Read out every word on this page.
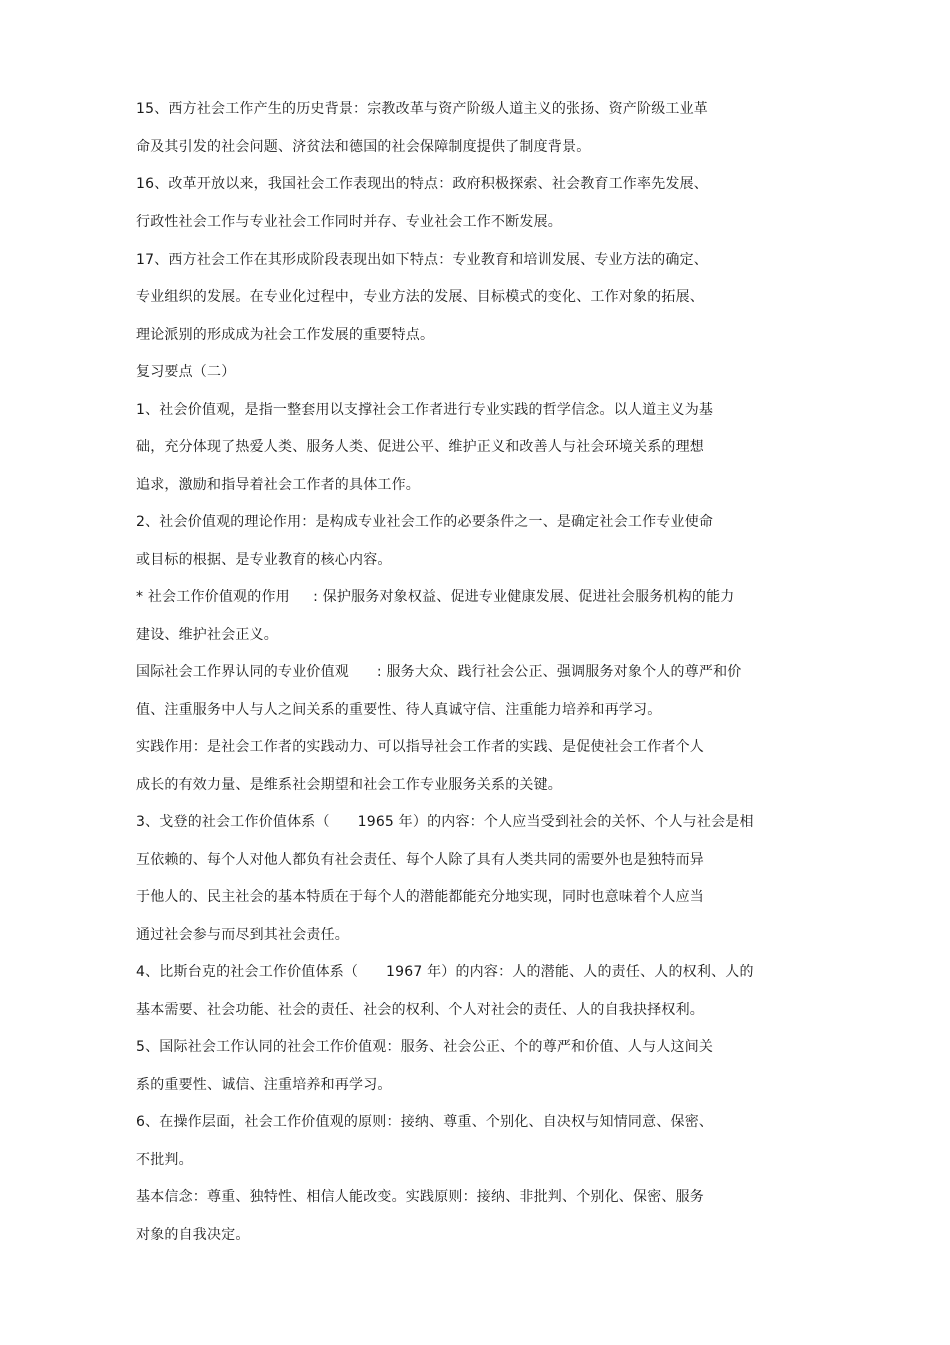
15、西方社会工作产生的历史背景：宗教改革与资产阶级人道主义的张扬、资产阶级工业革
命及其引发的社会问题、济贫法和德国的社会保障制度提供了制度背景。
16、改革开放以来，我国社会工作表现出的特点：政府积极探索、社会教育工作率先发展、
行政性社会工作与专业社会工作同时并存、专业社会工作不断发展。
17、西方社会工作在其形成阶段表现出如下特点：专业教育和培训发展、专业方法的确定、
专业组织的发展。在专业化过程中，专业方法的发展、目标模式的变化、工作对象的拓展、
理论派别的形成成为社会工作发展的重要特点。
复习要点（二）
1、社会价值观，是指一整套用以支撑社会工作者进行专业实践的哲学信念。以人道主义为基
础，充分体现了热爱人类、服务人类、促进公平、维护正义和改善人与社会环境关系的理想
追求，激励和指导着社会工作者的具体工作。
2、社会价值观的理论作用：是构成专业社会工作的必要条件之一、是确定社会工作专业使命
或目标的根据、是专业教育的核心内容。
* 社会工作价值观的作用     : 保护服务对象权益、促进专业健康发展、促进社会服务机构的能力
建设、维护社会正义。
国际社会工作界认同的专业价值观      : 服务大众、践行社会公正、强调服务对象个人的尊严和价
值、注重服务中人与人之间关系的重要性、待人真诚守信、注重能力培养和再学习。
实践作用：是社会工作者的实践动力、可以指导社会工作者的实践、是促使社会工作者个人
成长的有效力量、是维系社会期望和社会工作专业服务关系的关键。
3、戈登的社会工作价值体系（      1965 年）的内容：个人应当受到社会的关怀、个人与社会是相
互依赖的、每个人对他人都负有社会责任、每个人除了具有人类共同的需要外也是独特而异
于他人的、民主社会的基本特质在于每个人的潜能都能充分地实现，同时也意味着个人应当
通过社会参与而尽到其社会责任。
4、比斯台克的社会工作价值体系（      1967 年）的内容：人的潜能、人的责任、人的权利、人的
基本需要、社会功能、社会的责任、社会的权利、个人对社会的责任、人的自我抉择权利。
5、国际社会工作认同的社会工作价值观：服务、社会公正、个的尊严和价值、人与人这间关
系的重要性、诚信、注重培养和再学习。
6、在操作层面，社会工作价值观的原则：接纳、尊重、个别化、自决权与知情同意、保密、
不批判。
基本信念：尊重、独特性、相信人能改变。实践原则：接纳、非批判、个别化、保密、服务
对象的自我决定。
